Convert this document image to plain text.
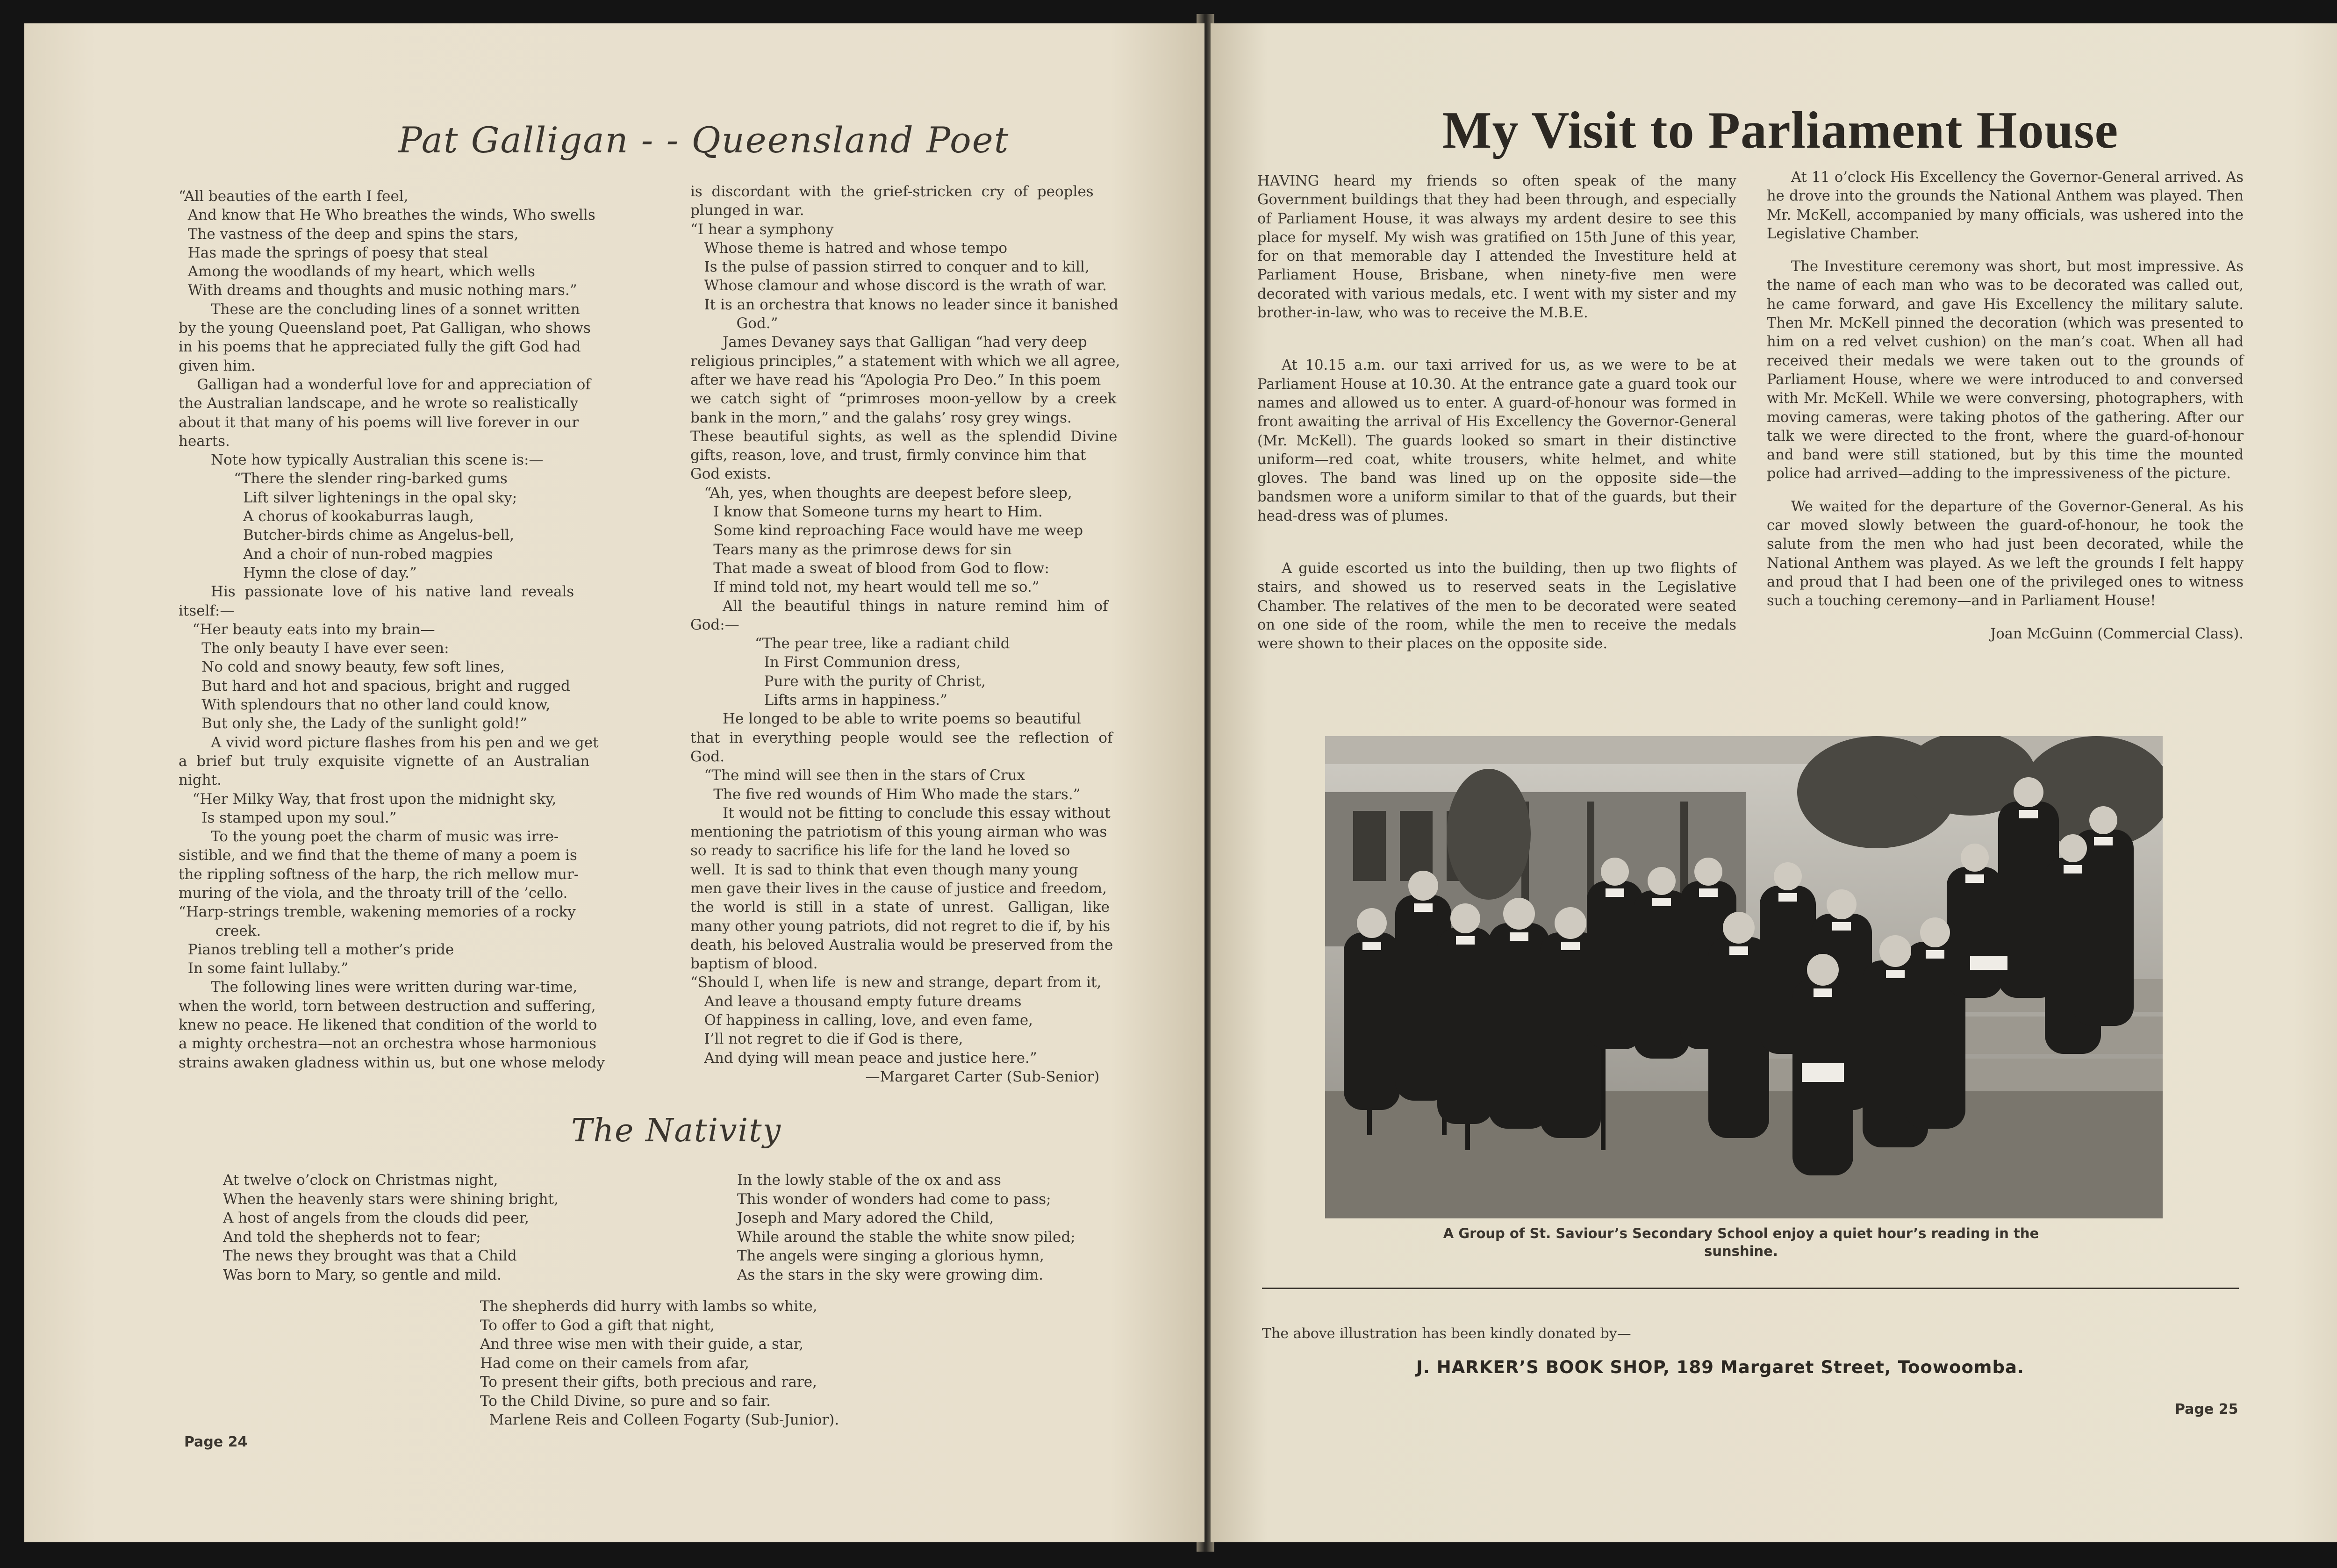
Pat Galligan - - Queensland Poet

“All beauties of the earth I feel,

And know that He Who breathes the winds, Who swells

The vastness of the deep and spins the stars,

Has made the springs of poesy that steal

Among the woodlands of my heart, which wells

With dreams and thoughts and music nothing mars.”

These are the concluding lines of a sonnet written

by the young Queensland poet, Pat Galligan, who shows

in his poems that he appreciated fully the gift God had

given him.

Galligan had a wonderful love for and appreciation of

the Australian landscape, and he wrote so realistically

about it that many of his poems will live forever in our

hearts.

Note how typically Australian this scene is:—

“There the slender ring-barked gums

Lift silver lightenings in the opal sky;

A chorus of kookaburras laugh,

Butcher-birds chime as Angelus-bell,

And a choir of nun-robed magpies

Hymn the close of day.”

His  passionate  love  of  his  native  land  reveals

itself:—

“Her beauty eats into my brain—

The only beauty I have ever seen:

No cold and snowy beauty, few soft lines,

But hard and hot and spacious, bright and rugged

With splendours that no other land could know,

But only she, the Lady of the sunlight gold!”

A vivid word picture flashes from his pen and we get

a  brief  but  truly  exquisite  vignette  of  an  Australian

night.

“Her Milky Way, that frost upon the midnight sky,

Is stamped upon my soul.”

To the young poet the charm of music was irre-

sistible, and we find that the theme of many a poem is

the rippling softness of the harp, the rich mellow mur-

muring of the viola, and the throaty trill of the ’cello.

“Harp-strings tremble, wakening memories of a rocky

creek.

Pianos trebling tell a mother’s pride

In some faint lullaby.”

The following lines were written during war-time,

when the world, torn between destruction and suffering,

knew no peace. He likened that condition of the world to

a mighty orchestra—not an orchestra whose harmonious

strains awaken gladness within us, but one whose melody

is  discordant  with  the  grief-stricken  cry  of  peoples

plunged in war.

“I hear a symphony

Whose theme is hatred and whose tempo

Is the pulse of passion stirred to conquer and to kill,

Whose clamour and whose discord is the wrath of war.

It is an orchestra that knows no leader since it banished

God.”

James Devaney says that Galligan “had very deep

religious principles,” a statement with which we all agree,

after we have read his “Apologia Pro Deo.” In this poem

we  catch  sight  of  “primroses  moon-yellow  by  a  creek

bank in the morn,” and the galahs’ rosy grey wings.

These  beautiful  sights,  as  well  as  the  splendid  Divine

gifts, reason, love, and trust, firmly convince him that

God exists.

“Ah, yes, when thoughts are deepest before sleep,

I know that Someone turns my heart to Him.

Some kind reproaching Face would have me weep

Tears many as the primrose dews for sin

That made a sweat of blood from God to flow:

If mind told not, my heart would tell me so.”

All  the  beautiful  things  in  nature  remind  him  of

God:—

“The pear tree, like a radiant child

In First Communion dress,

Pure with the purity of Christ,

Lifts arms in happiness.”

He longed to be able to write poems so beautiful

that  in  everything  people  would  see  the  reflection  of

God.

“The mind will see then in the stars of Crux

The five red wounds of Him Who made the stars.”

It would not be fitting to conclude this essay without

mentioning the patriotism of this young airman who was

so ready to sacrifice his life for the land he loved so

well.  It is sad to think that even though many young

men gave their lives in the cause of justice and freedom,

the  world  is  still  in  a  state  of  unrest.   Galligan,  like

many other young patriots, did not regret to die if, by his

death, his beloved Australia would be preserved from the

baptism of blood.

“Should I, when life  is new and strange, depart from it,

And leave a thousand empty future dreams

Of happiness in calling, love, and even fame,

I’ll not regret to die if God is there,

And dying will mean peace and justice here.”

—Margaret Carter (Sub-Senior)

The Nativity

At twelve o’clock on Christmas night,

When the heavenly stars were shining bright,

A host of angels from the clouds did peer,

And told the shepherds not to fear;

The news they brought was that a Child

Was born to Mary, so gentle and mild.

In the lowly stable of the ox and ass

This wonder of wonders had come to pass;

Joseph and Mary adored the Child,

While around the stable the white snow piled;

The angels were singing a glorious hymn,

As the stars in the sky were growing dim.

The shepherds did hurry with lambs so white,

To offer to God a gift that night,

And three wise men with their guide, a star,

Had come on their camels from afar,

To present their gifts, both precious and rare,

To the Child Divine, so pure and so fair.

Marlene Reis and Colleen Fogarty (Sub-Junior).

Page 24
My Visit to Parliament House

HAVING heard my friends so often speak of the many Government buildings that they had been through, and especially of Parliament House, it was always my ardent desire to see this place for myself. My wish was gratified on 15th June of this year, for on that memorable day I attended the Investiture held at Parliament House, Brisbane, when ninety-five men were decorated with various medals, etc. I went with my sister and my brother-in-law, who was to receive the M.B.E.

At 10.15 a.m. our taxi arrived for us, as we were to be at Parliament House at 10.30. At the entrance gate a guard took our names and allowed us to enter. A guard-of-honour was formed in front awaiting the arrival of His Excellency the Governor-General (Mr. McKell). The guards looked so smart in their distinctive uniform—red coat, white trousers, white helmet, and white gloves. The band was lined up on the opposite side—the bandsmen wore a uniform similar to that of the guards, but their head-dress was of plumes.

A guide escorted us into the building, then up two flights of stairs, and showed us to reserved seats in the Legislative Chamber. The relatives of the men to be decorated were seated on one side of the room, while the men to receive the medals were shown to their places on the opposite side.

At 11 o’clock His Excellency the Governor-General arrived. As he drove into the grounds the National Anthem was played. Then Mr. McKell, accompanied by many officials, was ushered into the Legislative Chamber.

The Investiture ceremony was short, but most impressive. As the name of each man who was to be decorated was called out, he came forward, and gave His Excellency the military salute. Then Mr. McKell pinned the decoration (which was presented to him on a red velvet cushion) on the man’s coat. When all had received their medals we were taken out to the grounds of Parliament House, where we were introduced to and conversed with Mr. McKell. While we were conversing, photographers, with moving cameras, were taking photos of the gathering. After our talk we were directed to the front, where the guard-of-honour and band were still stationed, but by this time the mounted police had arrived—adding to the impressiveness of the picture.

We waited for the departure of the Governor-General. As his car moved slowly between the guard-of-honour, he took the salute from the men who had just been decorated, while the National Anthem was played. As we left the grounds I felt happy and proud that I had been one of the privileged ones to witness such a touching ceremony—and in Parliament House!

Joan McGuinn (Commercial Class).

A Group of St. Saviour’s Secondary School enjoy a quiet hour’s reading in the sunshine.
The above illustration has been kindly donated by—
J. HARKER’S BOOK SHOP, 189 Margaret Street, Toowoomba.
Page 25
